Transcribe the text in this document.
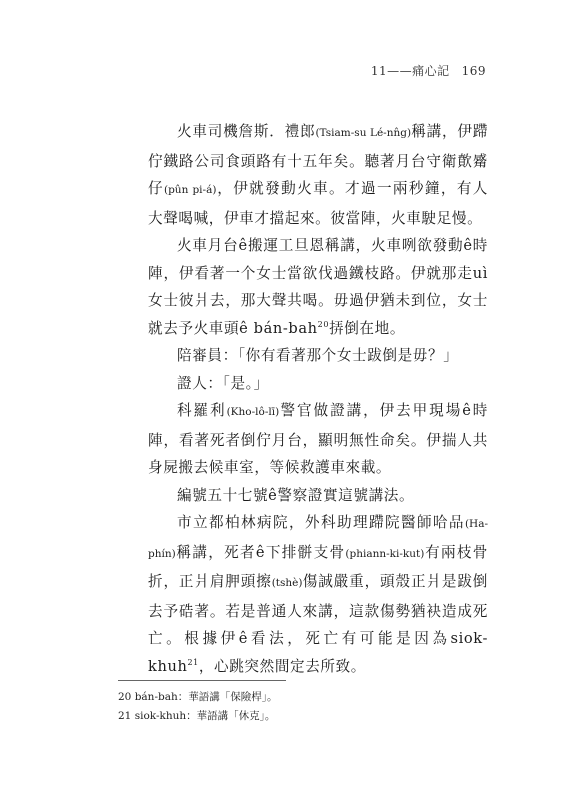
11——痛心記 169

火車司機詹斯．禮郎(Tsiam-su Lé-nn̂g)稱講，伊蹛佇鐵路公司食頭路有十五年矣。聽著月台守衛歕觱仔(pûn pi-á)，伊就發動火車。才過一兩秒鐘，有人大聲喝喊，伊車才擋起來。彼當陣，火車駛足慢。

火車月台ê搬運工旦恩稱講，火車咧欲發動ê時陣，伊看著一个女士當欲伐過鐵枝路。伊就那走uì女士彼爿去，那大聲共喝。毋過伊猶未到位，女士就去予火車頭ê bán-bah$^{20}$挵倒在地。

陪審員：「你有看著那个女士跋倒是毋？」

證人：「是。」

科羅利(Kho-lô-lī)警官做證講，伊去甲現場ê時陣，看著死者倒佇月台，顯明無性命矣。伊揣人共身屍搬去候車室，等候救護車來載。

編號五十七號ê警察證實這號講法。

市立都柏林病院，外科助理蹛院醫師哈品(Ha-phín)稱講，死者ê下排骿支骨(phiann-ki-kut)有兩枝骨折，正爿肩胛頭擦(tshè)傷誠嚴重，頭殼正爿是跋倒去予硞著。若是普通人來講，這款傷勢猶袂造成死亡。根據伊ê看法，死亡有可能是因為siok-khuh$^{21}$，心跳突然間定去所致。

20 bán-bah：華語講「保險桿」。

21 siok-khuh：華語講「休克」。
